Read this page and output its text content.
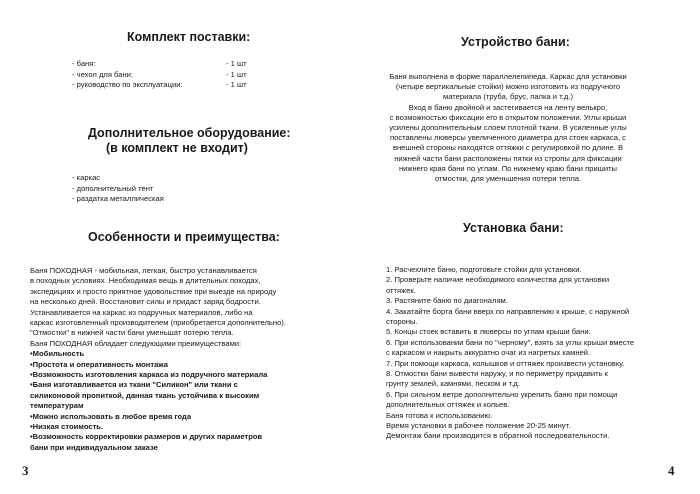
Комплект поставки:
- баня:	- 1 шт
- чехол для бани:	- 1 шт
- руководство по эксплуатации:	- 1 шт
Дополнительное оборудование:
(в комплект не входит)
- каркас
- дополнительный тент
- раздатка металлическая
Особенности и преимущества:
Баня ПОХОДНАЯ - мобильная, легкая, быстро устанавливается
в походных условиях. Необходимая вещь в длительных походах,
экспедициях и просто приятное удовольствие при выезде на природу
на несколько дней. Восстановит силы и придаст заряд бодрости.
Устанавливается на каркас из подручных материалов, либо на
каркас изготовленный производителем (приобретается дополнительно).
"Отмостки" в нижней части бани уменьшат потерю тепла.
Баня ПОХОДНАЯ обладает следующими преимуществами:
•Мобильность
•Простота и оперативность монтажа
•Возможность изготовления каркаса из подручного материала
•Баня изготавливается из ткани "Силикон" или ткани с
силиконовой пропиткой, данная ткань устойчива к высоким
температурам
•Можно использовать в любое время года
•Низкая стоимость.
•Возможность корректировки размеров и других параметров
бани при индивидуальном заказе
3
Устройство бани:
Баня выполнена в форме параллелепипеда. Каркас для установки
(четыре вертикальные стойки) можно изготовить из подручного
материала (труба, брус, палка и т.д.)
Вход в баню двойной и застегивается на ленту велькро,
с возможностью фиксации его в открытом положении. Углы крыши
усилены дополнительным слоем плотной ткани. В усиленные углы
поставлены люверсы увеличенного диаметра для стоек каркаса, с
внешней стороны находятся оттяжки с регулировкой по длине. В
нижней части бани расположены пятки из стропы для фиксации
нижнего края бани по углам. По нижнему краю бани пришиты
отмостки, для уменьшения потери тепла.
Установка бани:
1. Расчехлите баню, подготовьте стойки для установки.
2. Проверьте наличие необходимого количества для установки
оттяжек.
3. Растяните баню по диагоналям.
4. Закатайте борта бани вверх по направлению к крыше, с наружной
стороны.
5. Концы стоек вставить в люверсы по углам крыши бани.
6. При использовании бани по "черному", взять за углы крыши вместе
с каркасом и накрыть аккуратно очаг из нагретых камней.
7. При помощи каркаса, колышков и оттяжек произвести установку.
8. Отмостки бани вывести наружу, и по периметру придавить к
грунту землей, камнями, песком и т.д.
6. При сильном ветре дополнительно укрепить баню при помощи
дополнительных оттяжек и кольев.
Баня готова к использованию.
Время установки в рабочее положение 20-25 минут.
Демонтаж бани производится в обратной последовательности.
4
